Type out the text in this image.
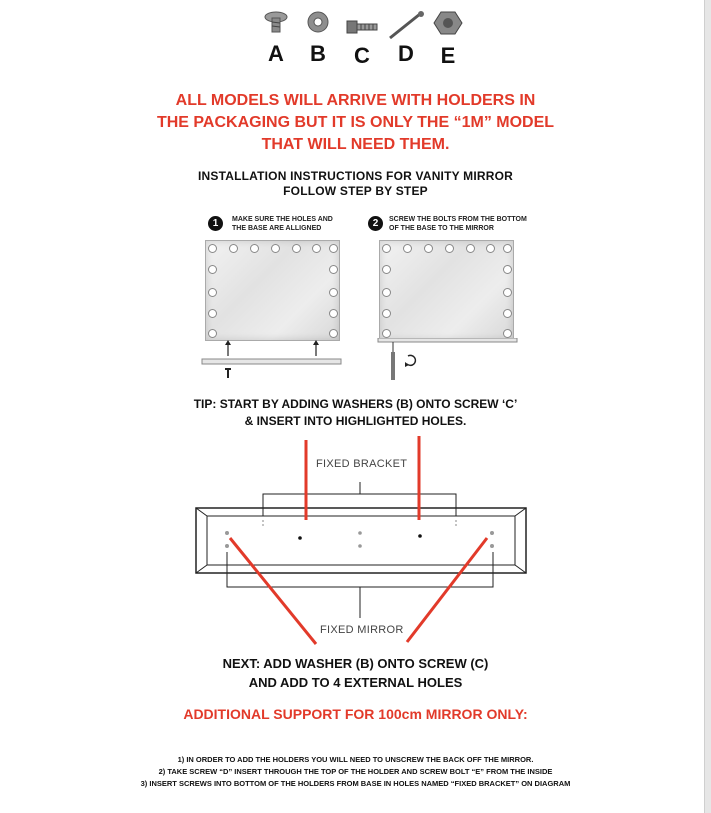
A	B	C	D	E
ALL MODELS WILL ARRIVE WITH HOLDERS IN
THE PACKAGING BUT IT IS ONLY THE “1M” MODEL
THAT WILL NEED THEM.
INSTALLATION INSTRUCTIONS FOR VANITY MIRROR
FOLLOW STEP BY STEP
1	MAKE SURE THE HOLES AND
THE BASE ARE ALLIGNED	2	SCREW THE BOLTS FROM THE BOTTOM
OF THE BASE TO THE MIRROR
TIP: START BY ADDING WASHERS (B) ONTO SCREW ‘C’
& INSERT INTO HIGHLIGHTED HOLES.
FIXED BRACKET
FIXED MIRROR
NEXT: ADD WASHER (B) ONTO SCREW (C)
AND ADD TO 4 EXTERNAL HOLES
ADDITIONAL SUPPORT FOR 100cm MIRROR ONLY:
1) IN ORDER TO ADD THE HOLDERS YOU WILL NEED TO UNSCREW THE BACK OFF THE MIRROR.
2) TAKE SCREW “D” INSERT THROUGH THE TOP OF THE HOLDER AND SCREW BOLT “E” FROM THE INSIDE
3) INSERT SCREWS INTO BOTTOM OF THE HOLDERS FROM BASE IN HOLES NAMED “FIXED BRACKET” ON DIAGRAM
